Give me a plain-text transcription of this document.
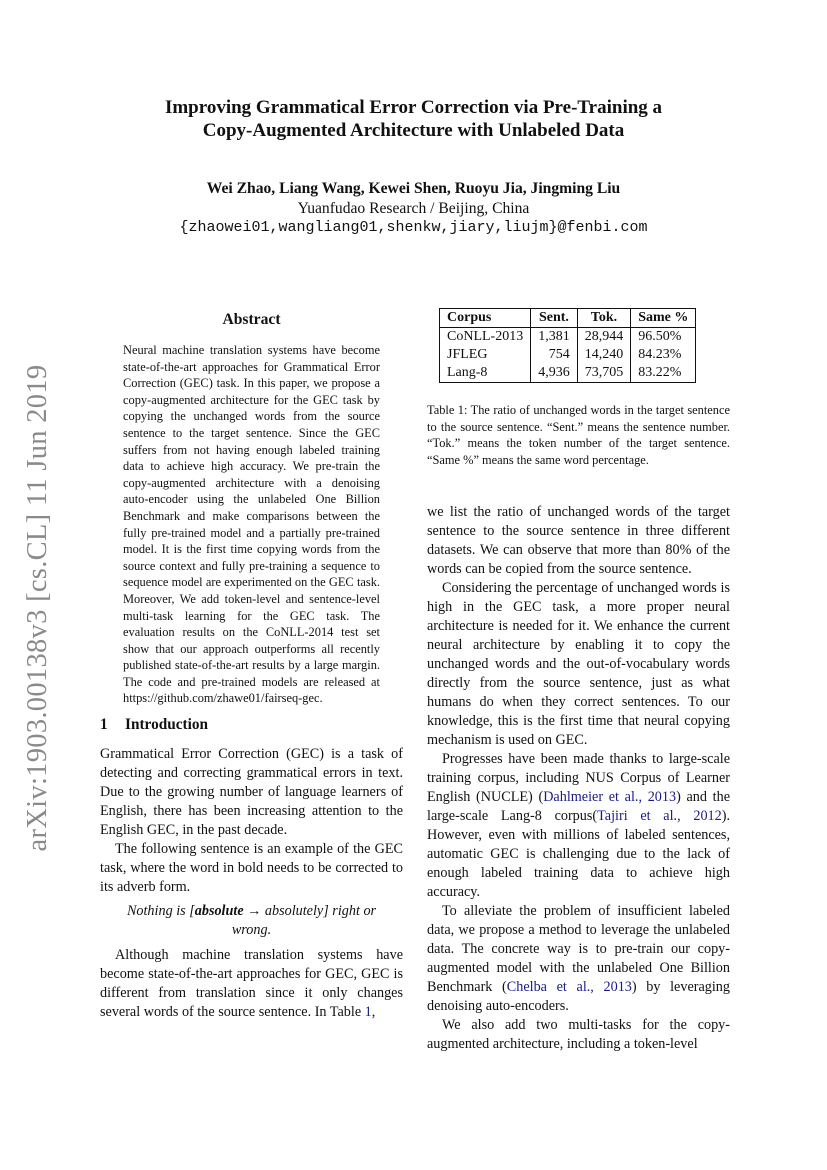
arXiv:1903.00138v3 [cs.CL] 11 Jun 2019
Improving Grammatical Error Correction via Pre-Training a
Copy-Augmented Architecture with Unlabeled Data
Wei Zhao, Liang Wang, Kewei Shen, Ruoyu Jia, Jingming Liu
Yuanfudao Research / Beijing, China
{zhaowei01,wangliang01,shenkw,jiary,liujm}@fenbi.com
Abstract

Neural machine translation systems have become state-of-the-art approaches for Grammatical Error Correction (GEC) task. In this paper, we propose a copy-augmented architecture for the GEC task by copying the unchanged words from the source sentence to the target sentence. Since the GEC suffers from not having enough labeled training data to achieve high accuracy. We pre-train the copy-augmented architecture with a denoising auto-encoder using the unlabeled One Billion Benchmark and make comparisons between the fully pre-trained model and a partially pre-trained model. It is the first time copying words from the source context and fully pre-training a sequence to sequence model are experimented on the GEC task. Moreover, We add token-level and sentence-level multi-task learning for the GEC task. The evaluation results on the CoNLL-2014 test set show that our approach outperforms all recently published state-of-the-art results by a large margin. The code and pre-trained models are released at https://github.com/zhawe01/fairseq-gec.

1 Introduction

Grammatical Error Correction (GEC) is a task of detecting and correcting grammatical errors in text. Due to the growing number of language learners of English, there has been increasing attention to the English GEC, in the past decade.

The following sentence is an example of the GEC task, where the word in bold needs to be corrected to its adverb form.

Nothing is [absolute → absolutely] right or wrong.

Although machine translation systems have become state-of-the-art approaches for GEC, GEC is different from translation since it only changes several words of the source sentence. In Table 1,

Corpus	Sent.	Tok.	Same %
CoNLL-2013	1,381	28,944	96.50%
JFLEG	754	14,240	84.23%
Lang-8	4,936	73,705	83.22%

Table 1: The ratio of unchanged words in the target sentence to the source sentence. “Sent.” means the sentence number. “Tok.” means the token number of the target sentence. “Same %” means the same word percentage.

we list the ratio of unchanged words of the target sentence to the source sentence in three different datasets. We can observe that more than 80% of the words can be copied from the source sentence.

Considering the percentage of unchanged words is high in the GEC task, a more proper neural architecture is needed for it. We enhance the current neural architecture by enabling it to copy the unchanged words and the out-of-vocabulary words directly from the source sentence, just as what humans do when they correct sentences. To our knowledge, this is the first time that neural copying mechanism is used on GEC.

Progresses have been made thanks to large-scale training corpus, including NUS Corpus of Learner English (NUCLE) (Dahlmeier et al., 2013) and the large-scale Lang-8 corpus(Tajiri et al., 2012). However, even with millions of labeled sentences, automatic GEC is challenging due to the lack of enough labeled training data to achieve high accuracy.

To alleviate the problem of insufficient labeled data, we propose a method to leverage the unlabeled data. The concrete way is to pre-train our copy-augmented model with the unlabeled One Billion Benchmark (Chelba et al., 2013) by leveraging denoising auto-encoders.

We also add two multi-tasks for the copy-augmented architecture, including a token-level
